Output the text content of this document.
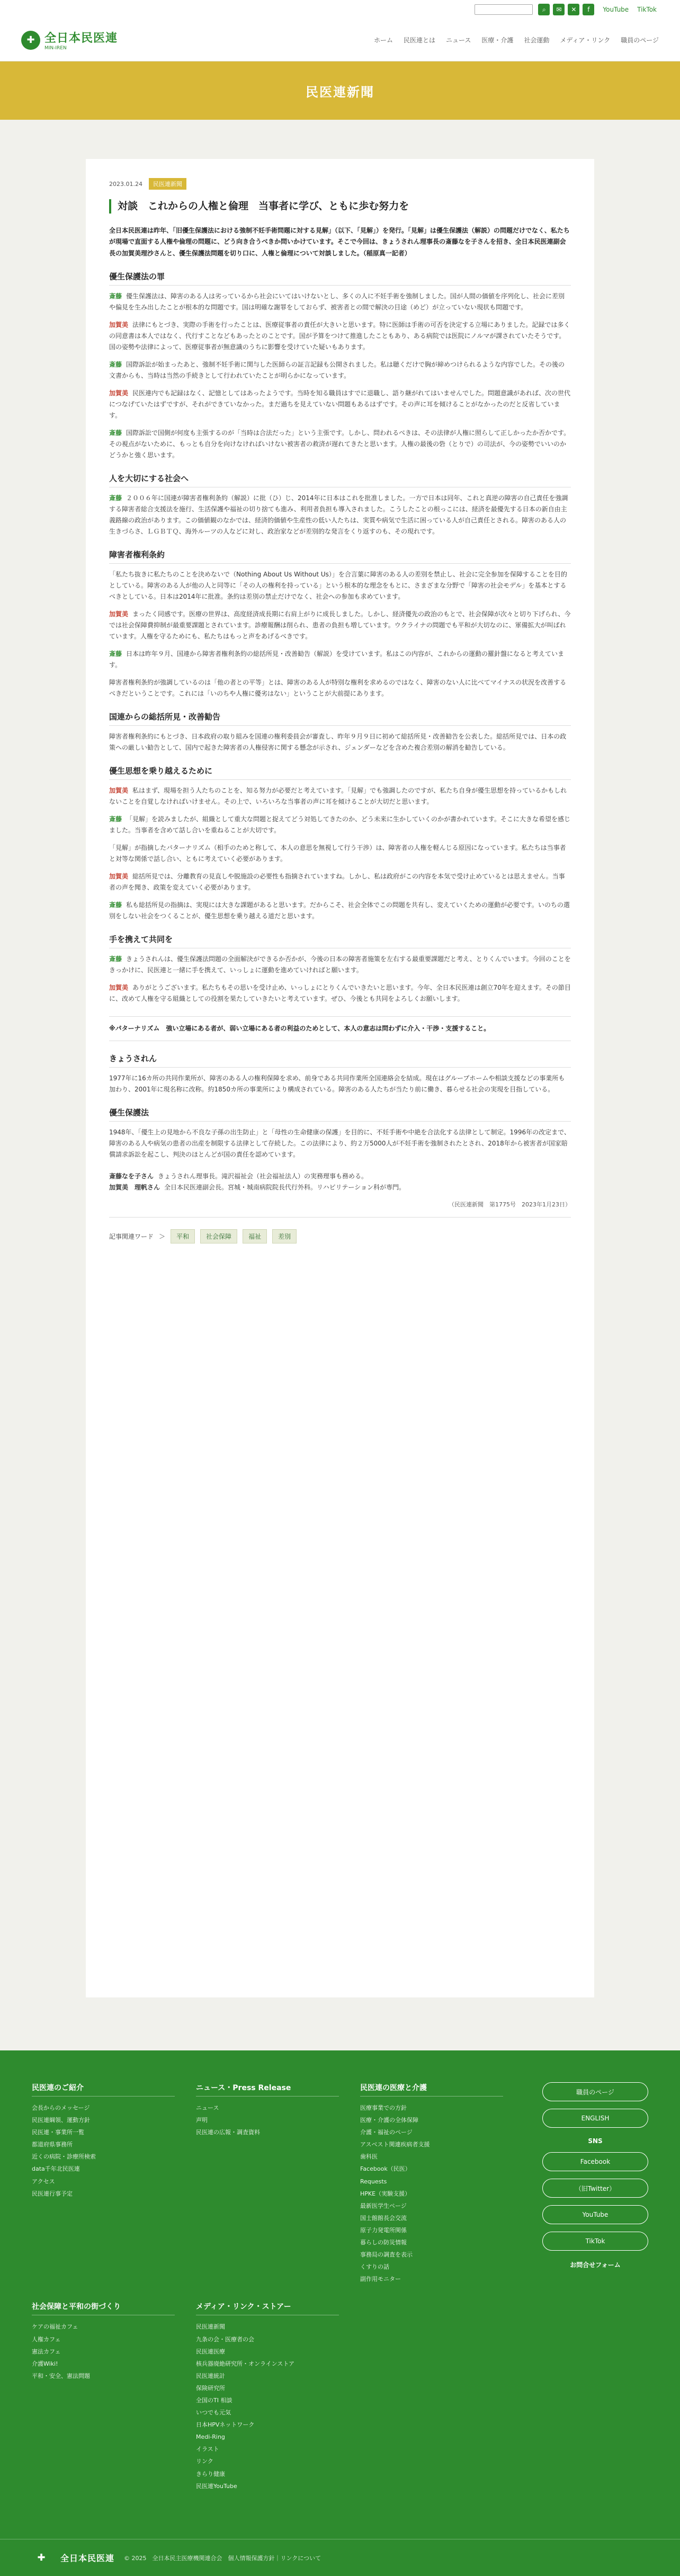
⌕	✉	✕	f	YouTube TikTok
✚ 全日本民医連
MIN-IREN
ホーム 民医連とは ニュース 医療・介護 社会運動 メディア・リンク 職員のページ
民医連新聞
2023.01.24	民医連新聞
対談　これからの人権と倫理　当事者に学び、ともに歩む努力を
全日本民医連は昨年、「旧優生保護法における強制不妊手術問題に対する見解」（以下、「見解」）を発行。「見解」は優生保護法（解説）の問題だけでなく、私たちが現場で直面する人権や倫理の問題に、どう向き合うべきか問いかけています。そこで今回は、きょうされん理事長の斎藤なを子さんを招き、全日本民医連副会長の加賀美理沙さんと、優生保護法問題を切り口に、人権と倫理について対談しました。（稲原真一記者）
優生保護法の罪

斎藤 優生保護法は、障害のある人は劣っているから社会にいてはいけないとし、多くの人に不妊手術を強制しました。国が人間の価値を序列化し、社会に差別や偏見を生み出したことが根本的な問題です。国は明確な謝罪をしておらず、被害者との間で解決の目途（めど）が立っていない現状も問題です。

加賀美 法律にもとづき、実際の手術を行ったことは、医療従事者の責任が大きいと思います。特に医師は手術の可否を決定する立場にありました。記録では多くの同意書は本人ではなく、代行すことなどもあったとのことです。国が予算をつけて推進したこともあり、ある病院では医院にノルマが課されていたそうです。国の姿勢や法律によって、医療従事者が無意識のうちに影響を受けていた疑いもあります。

斎藤 国際訴訟が始まったあと、強制不妊手術に関与した医師らの証言記録も公開されました。私は聴くだけで胸が締めつけられるような内容でした。その後の文書からも、当時は当然の手続きとして行われていたことが明らかになっています。

加賀美 民医連内でも記録はなく、記憶としてはあったようです。当時を知る職員はすでに退職し、語り継がれてはいませんでした。問題意識があれば、次の世代につなげていたはずですが、それができていなかった。まだ過ちを見えていない問題もあるはずです。その声に耳を傾けることがなかったのだと反省しています。

斎藤 国際訴訟で国側が何度も主張するのが「当時は合法だった」という主張です。しかし、問われるべきは、その法律が人権に照らして正しかったか否かです。その視点がないために、もっとも自分を向けなければいけない被害者の救済が遅れてきたと思います。人権の最後の砦（とりで）の司法が、今の姿勢でいいのかどうかと強く思います。

人を大切にする社会へ

斎藤 ２００６年に国連が障害者権利条約（解説）に批（ひ）じ、2014年に日本はこれを批准しました。一方で日本は同年、これと真逆の障害の自己責任を強調する障害者総合支援法を施行、生活保護や福祉の切り捨ても進み、利用者負担も導入されました。こうしたことの根っこには、経済を最優先する日本の新自由主義路線の政治があります。この価値観のなかでは、経済的価値や生産性の低い人たちは、実質や病気で生活に困っている人が自己責任とされる。障害のある人の生きづらさ、ＬＧＢＴＱ、海外ルーツの人などに対し、政治家などが差別的な発言をくり返すのも、その現れです。

障害者権利条約

「私たち抜きに私たちのことを決めないで（Nothing About Us Without Us）」を合言葉に障害のある人の差別を禁止し、社会に完全参加を保障することを目的としている。障害のある人が他の人と同等に「その人の権利を持っている」という根本的な理念をもとに、さまざまな分野で「障害の社会モデル」を基本とするべきとしている。日本は2014年に批准。条約は差別の禁止だけでなく、社会への参加も求めています。

加賀美 まったく同感です。医療の世界は、高度経済成長期に右肩上がりに成長しました。しかし、経済優先の政治のもとで、社会保障が次々と切り下げられ、今では社会保障費抑制が最重要課題とされています。診療報酬は削られ、患者の負担も増しています。ウクライナの問題でも平和が大切なのに、軍備拡大が叫ばれています。人権を守るためにも、私たちはもっと声をあげるべきです。

斎藤 日本は昨年９月、国連から障害者権利条約の総括所見・改善勧告（解説）を受けています。私はこの内容が、これからの運動の羅針盤になると考えています。

障害者権利条約が強調しているのは「他の者との平等」とは、障害のある人が特別な権利を求めるのではなく、障害のない人に比べてマイナスの状況を改善するべきだということです。これには「いのちや人権に優劣はない」ということが大前提にあります。

国連からの総括所見・改善勧告

障害者権利条約にもとづき、日本政府の取り組みを国連の権利委員会が審査し、昨年９月９日に初めて総括所見・改善勧告を公表した。総括所見では、日本の政策への厳しい勧告として、国内で起きた障害者の人権侵害に関する懸念が示され、ジェンダーなどを含めた複合差別の解消を勧告している。

優生思想を乗り越えるために

加賀美 私はまず、現場を担う人たちのことを、知る努力が必要だと考えています。「見解」でも強調したのですが、私たち自身が優生思想を持っているかもしれないことを自覚しなければいけません。その上で、いろいろな当事者の声に耳を傾けることが大切だと思います。

斎藤 「見解」を読みましたが、組織として重大な問題と捉えてどう対処してきたのか、どう未来に生かしていくのかが書かれています。そこに大きな希望を感じました。当事者を含めて話し合いを重ねることが大切です。

「見解」が指摘したパターナリズム（相手のためと称して、本人の意思を無視して行う干渉）は、障害者の人権を軽んじる原因になっています。私たちは当事者と対等な関係で話し合い、ともに考えていく必要があります。

加賀美 総括所見では、分離教育の見直しや脱施設の必要性も指摘されていますね。しかし、私は政府がこの内容を本気で受け止めているとは思えません。当事者の声を聞き、政策を変えていく必要があります。

斎藤 私も総括所見の指摘は、実現には大きな課題があると思います。だからこそ、社会全体でこの問題を共有し、変えていくための運動が必要です。いのちの選別をしない社会をつくることが、優生思想を乗り越える道だと思います。

手を携えて共同を

斎藤 きょうされんは、優生保護法問題の全面解決ができるか否かが、今後の日本の障害者施策を左右する最重要課題だと考え、とりくんでいます。今回のことをきっかけに、民医連と一緒に手を携えて、いっしょに運動を進めていければと願います。

加賀美 ありがとうございます。私たちもその思いを受け止め、いっしょにとりくんでいきたいと思います。今年、全日本民医連は創立70年を迎えます。その節目に、改めて人権を守る組織としての役割を果たしていきたいと考えています。ぜひ、今後とも共同をよろしくお願いします。

※パターナリズム　強い立場にある者が、弱い立場にある者の利益のためとして、本人の意志は問わずに介入・干渉・支援すること。
きょうされん

1977年に16カ所の共同作業所が、障害のある人の権利保障を求め、前身である共同作業所全国連絡会を結成。現在はグループホームや相談支援などの事業所も加わり、2001年に現名称に改称。約1850カ所の事業所により構成されている。障害のある人たちが当たり前に働き、暮らせる社会の実現を目指している。

優生保護法

1948年、「優生上の見地から不良な子孫の出生防止」と「母性の生命健康の保護」を目的に、不妊手術や中絶を合法化する法律として制定。1996年の改定まで、障害のある人や病気の患者の出産を制限する法律として存続した。この法律により、約２万5000人が不妊手術を強制されたとされ、2018年から被害者が国家賠償請求訴訟を起こし、判決のほとんどが国の責任を認めています。

斎藤なを子さん きょうされん理事長。滝沢福祉会（社会福祉法人）の実務理事も務める。
加賀美　理帆さん 全日本民医連副会長。宮城・城南病院院長代行外科。リハビリテーション科が専門。
（民医連新聞　第1775号　2023年1月23日）
記事関連ワード ＞	平和	社会保障	福祉	差別
民医連のご紹介
会長からのメッセージ
民医連綱領、運動方針
民医連・事業所一覧
都道府県事務所
近くの病院・診療所検索
data千年北民医連
アクセス
民医連行事予定
ニュース・Press Release
ニュース
声明
民医連の広報・調査資料
民医連の医療と介護
医療事業での方針
医療・介護の全体保障
介護・福祉のページ
アスベスト関連疾病者支援
歯科医
Facebook（民医）
Requests
HPKE（実験支援）
最新医学生ページ
国士館館長会交流
原子力発電所関係
暮らしの防災情報
事務局の調査を表示
くすりの話
副作用モニター
社会保障と平和の街づくり
ケアの福祉カフェ
人権カフェ
憲法カフェ
介護Wiki!
平和・安全、憲法問題
メディア・リンク・ストアー
民医連新聞
九条の会・医療者の会
民医連医療
核兵器廃絶研究所・オンラインストア
民医連統計
保険研究所
全国のTI 相談
いつでも元気
日本HPVネットワーク
Medi-Ring
イラスト
リンク
きらり健康
民医連YouTube
職員のページ
ENGLISH
SNS
Facebook
（旧Twitter）
YouTube
TikTok
お問合せフォーム
✚	全日本民医連 © 2025　全日本民主医療機関連合会　個人情報保護方針｜リンクについて
